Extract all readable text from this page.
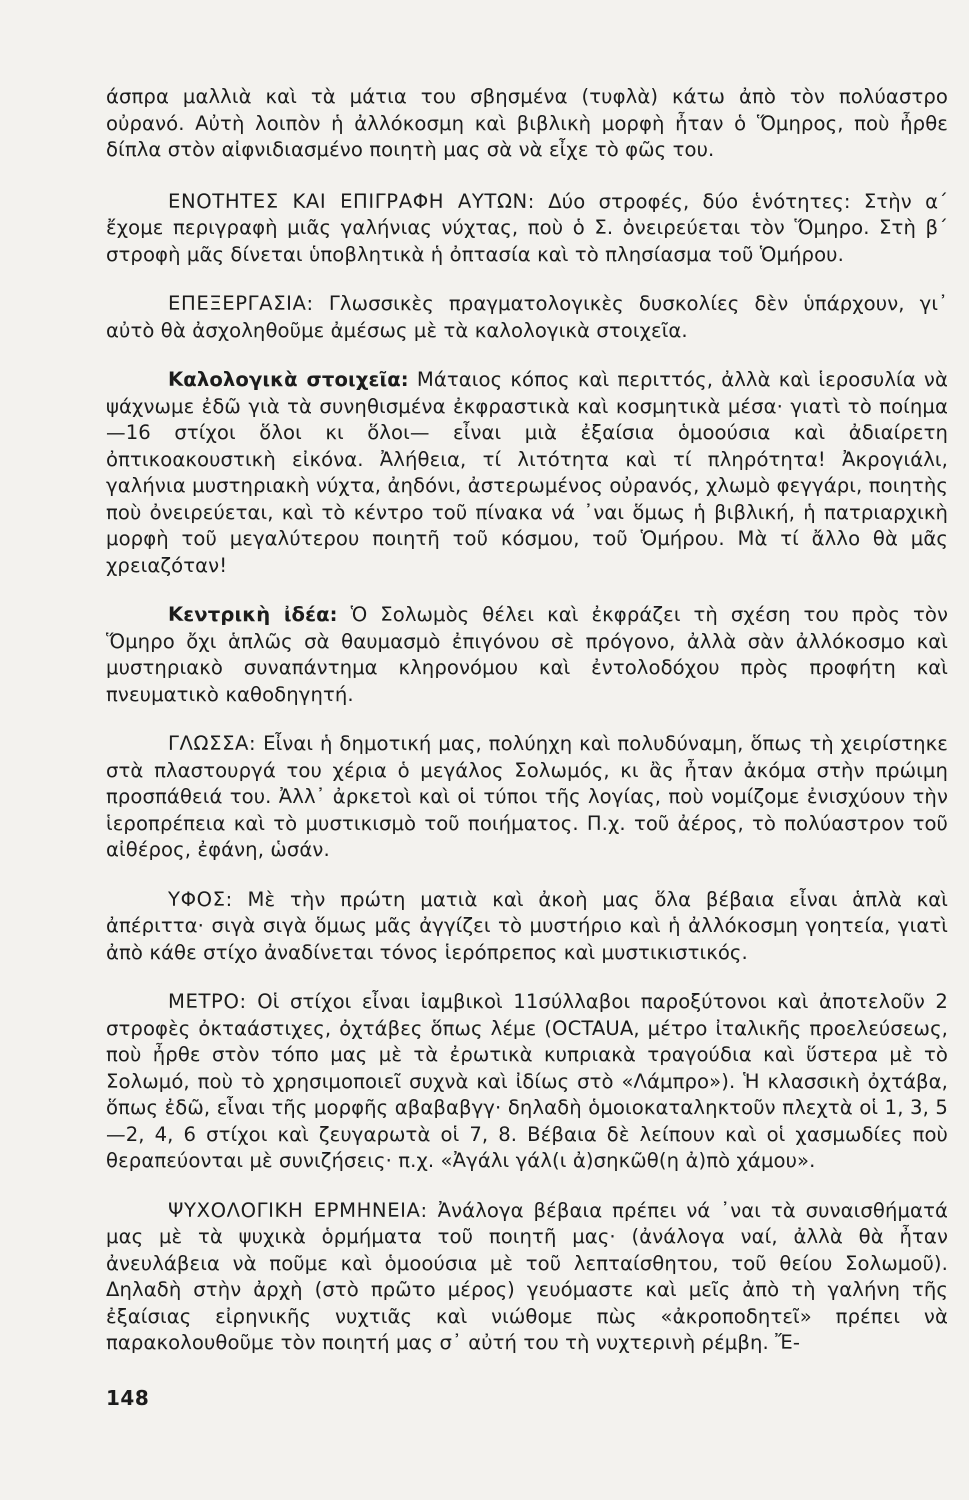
άσπρα μαλλιὰ καὶ τὰ μάτια του σβησμένα (τυφλὰ) κάτω ἀπὸ τὸν πολύαστρο οὐρανό. Αὐτὴ λοιπὸν ἡ ἀλλόκοσμη καὶ βιβλικὴ μορφὴ ἦταν ὁ Ὅμηρος, ποὺ ἦρθε δίπλα στὸν αἰφνιδιασμένο ποιητὴ μας σὰ νὰ εἶχε τὸ φῶς του.

ΕΝΟΤΗΤΕΣ ΚΑΙ ΕΠΙΓΡΑΦΗ ΑΥΤΩΝ: Δύο στροφές, δύο ἑνότητες: Στὴν α΄ ἔχομε περιγραφὴ μιᾶς γαλήνιας νύχτας, ποὺ ὁ Σ. ὀνειρεύεται τὸν Ὅμηρο. Στὴ β΄ στροφὴ μᾶς δίνεται ὑποβλητικὰ ἡ ὀπτασία καὶ τὸ πλησίασμα τοῦ Ὁμήρου.

ΕΠΕΞΕΡΓΑΣΙΑ: Γλωσσικὲς πραγματολογικὲς δυσκολίες δὲν ὑπάρχουν, γι᾽ αὐτὸ θὰ ἀσχοληθοῦμε ἀμέσως μὲ τὰ καλολογικὰ στοιχεῖα.

Καλολογικὰ στοιχεῖα: Μάταιος κόπος καὶ περιττός, ἀλλὰ καὶ ἱεροσυλία νὰ ψάχνωμε ἐδῶ γιὰ τὰ συνηθισμένα ἐκφραστικὰ καὶ κοσμητικὰ μέσα· γιατὶ τὸ ποίημα —16 στίχοι ὅλοι κι ὅλοι— εἶναι μιὰ ἐξαίσια ὁμοούσια καὶ ἀδιαίρετη ὀπτικοακουστικὴ εἰκόνα. Ἀλήθεια, τί λιτότητα καὶ τί πληρότητα! Ἀκρογιάλι, γαλήνια μυστηριακὴ νύχτα, ἀηδόνι, ἀστερωμένος οὐρανός, χλωμὸ φεγγάρι, ποιητὴς ποὺ ὀνειρεύεται, καὶ τὸ κέντρο τοῦ πίνακα νά ᾽ναι ὅμως ἡ βιβλική, ἡ πατριαρχικὴ μορφὴ τοῦ μεγαλύτερου ποιητῆ τοῦ κόσμου, τοῦ Ὁμήρου. Μὰ τί ἄλλο θὰ μᾶς χρειαζόταν!

Κεντρικὴ ἰδέα: Ὁ Σολωμὸς θέλει καὶ ἐκφράζει τὴ σχέση του πρὸς τὸν Ὅμηρο ὄχι ἁπλῶς σὰ θαυμασμὸ ἐπιγόνου σὲ πρόγονο, ἀλλὰ σὰν ἀλλόκοσμο καὶ μυστηριακὸ συναπάντημα κληρονόμου καὶ ἐντολοδόχου πρὸς προφήτη καὶ πνευματικὸ καθοδηγητή.

ΓΛΩΣΣΑ: Εἶναι ἡ δημοτική μας, πολύηχη καὶ πολυδύναμη, ὅπως τὴ χειρίστηκε στὰ πλαστουργά του χέρια ὁ μεγάλος Σολωμός, κι ἂς ἦταν ἀκόμα στὴν πρώιμη προσπάθειά του. Ἀλλ᾽ ἀρκετοὶ καὶ οἱ τύποι τῆς λογίας, ποὺ νομίζομε ἐνισχύουν τὴν ἱεροπρέπεια καὶ τὸ μυστικισμὸ τοῦ ποιήματος. Π.χ. τοῦ ἀέρος, τὸ πολύαστρον τοῦ αἰθέρος, ἐφάνη, ὡσάν.

ΥΦΟΣ: Μὲ τὴν πρώτη ματιὰ καὶ ἀκοὴ μας ὅλα βέβαια εἶναι ἁπλὰ καὶ ἀπέριττα· σιγὰ σιγὰ ὅμως μᾶς ἀγγίζει τὸ μυστήριο καὶ ἡ ἀλλόκοσμη γοητεία, γιατὶ ἀπὸ κάθε στίχο ἀναδίνεται τόνος ἱερόπρεπος καὶ μυστικιστικός.

ΜΕΤΡΟ: Οἱ στίχοι εἶναι ἰαμβικοὶ 11σύλλαβοι παροξύτονοι καὶ ἀποτελοῦν 2 στροφὲς ὀκταάστιχες, ὀχτάβες ὅπως λέμε (OCTAUA, μέτρο ἰταλικῆς προελεύσεως, ποὺ ἦρθε στὸν τόπο μας μὲ τὰ ἐρωτικὰ κυπριακὰ τραγούδια καὶ ὕστερα μὲ τὸ Σολωμό, ποὺ τὸ χρησιμοποιεῖ συχνὰ καὶ ἰδίως στὸ «Λάμπρο»). Ἡ κλασσικὴ ὀχτάβα, ὅπως ἐδῶ, εἶναι τῆς μορφῆς αβαβαβγγ· δηλαδὴ ὁμοιοκαταληκτοῦν πλεχτὰ οἱ 1, 3, 5—2, 4, 6 στίχοι καὶ ζευγαρωτὰ οἱ 7, 8. Βέβαια δὲ λείπουν καὶ οἱ χασμωδίες ποὺ θεραπεύονται μὲ συνιζήσεις· π.χ. «Ἀγάλι γάλ(ι ἀ)σηκῶθ(η ἀ)πὸ χάμου».

ΨΥΧΟΛΟΓΙΚΗ ΕΡΜΗΝΕΙΑ: Ἀνάλογα βέβαια πρέπει νά ᾽ναι τὰ συναισθήματά μας μὲ τὰ ψυχικὰ ὁρμήματα τοῦ ποιητῆ μας· (ἀνάλογα ναί, ἀλλὰ θὰ ἦταν ἀνευλάβεια νὰ ποῦμε καὶ ὁμοούσια μὲ τοῦ λεπταίσθητου, τοῦ θείου Σολωμοῦ). Δηλαδὴ στὴν ἀρχὴ (στὸ πρῶτο μέρος) γευόμαστε καὶ μεῖς ἀπὸ τὴ γαλήνη τῆς ἐξαίσιας εἰρηνικῆς νυχτιᾶς καὶ νιώθομε πὼς «ἀκροποδητεῖ» πρέπει νὰ παρακολουθοῦμε τὸν ποιητή μας σ᾽ αὐτή του τὴ νυχτερινὴ ρέμβη. Ἔ-

148
